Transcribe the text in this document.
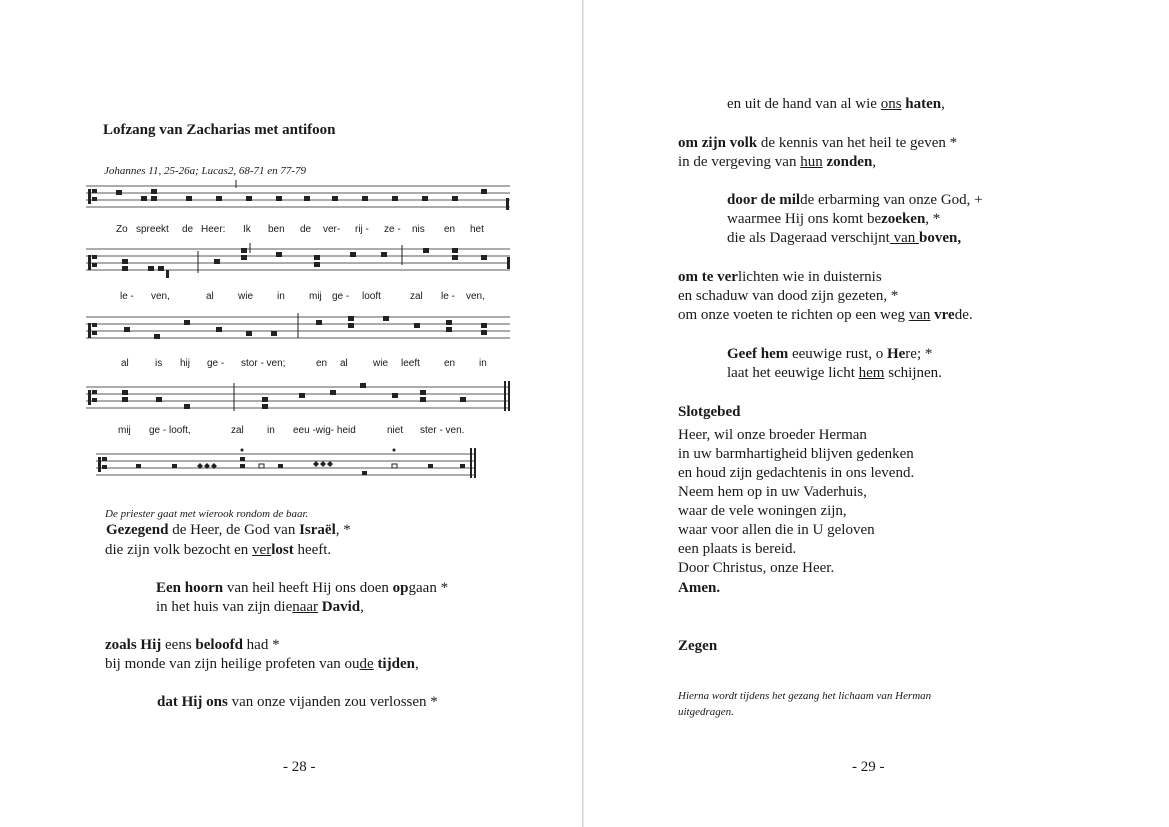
Lofzang van Zacharias met antifoon
Johannes 11, 25-26a; Lucas2, 68-71 en 77-79
Zo spreekt de Heer: Ik ben de ver- rij - ze - nis en het
le - ven,	al wie in mij ge - looft	zal le - ven,
al	is hij ge - stor - ven;	en al	wie leeft en in
mij ge - looft,	zal in eeu -wig- heid	niet ster - ven.
De priester gaat met wierook rondom de baar.
Gezegend de Heer, de God van Israël, *
die zijn volk bezocht en verlost heeft.
Een hoorn van heil heeft Hij ons doen opgaan *
in het huis van zijn dienaar David,
zoals Hij eens beloofd had *
bij monde van zijn heilige profeten van oude tijden,
dat Hij ons van onze vijanden zou verlossen *
- 28 -
en uit de hand van al wie ons haten,
om zijn volk de kennis van het heil te geven *
in de vergeving van hun zonden,
door de milde erbarming van onze God, +
waarmee Hij ons komt bezoeken, *
die als Dageraad verschijnt van boven,
om te verlichten wie in duisternis
en schaduw van dood zijn gezeten, *
om onze voeten te richten op een weg van vrede.
Geef hem eeuwige rust, o Here; *
laat het eeuwige licht hem schijnen.
Slotgebed
Heer, wil onze broeder Herman
in uw barmhartigheid blijven gedenken
en houd zijn gedachtenis in ons levend.
Neem hem op in uw Vaderhuis,
waar de vele woningen zijn,
waar voor allen die in U geloven
een plaats is bereid.
Door Christus, onze Heer.
Amen.
Zegen
Hierna wordt tijdens het gezang het lichaam van Herman
uitgedragen.
- 29 -
